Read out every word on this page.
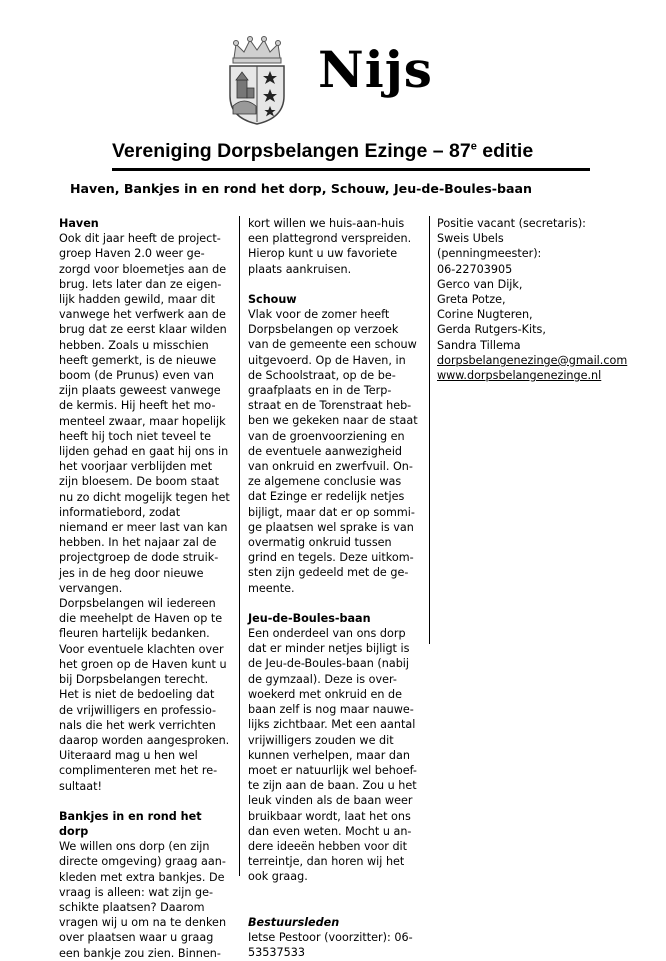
Nijs
Vereniging Dorpsbelangen Ezinge – 87e editie
Haven, Bankjes in en rond het dorp, Schouw, Jeu-de-Boules-baan

Haven

Ook dit jaar heeft de project-
groep Haven 2.0 weer ge-
zorgd voor bloemetjes aan de
brug. Iets later dan ze eigen-
lijk hadden gewild, maar dit
vanwege het verfwerk aan de
brug dat ze eerst klaar wilden
hebben. Zoals u misschien
heeft gemerkt, is de nieuwe
boom (de Prunus) even van
zijn plaats geweest vanwege
de kermis. Hij heeft het mo-
menteel zwaar, maar hopelijk
heeft hij toch niet teveel te
lijden gehad en gaat hij ons in
het voorjaar verblijden met
zijn bloesem. De boom staat
nu zo dicht mogelijk tegen het
informatiebord, zodat
niemand er meer last van kan
hebben. In het najaar zal de
projectgroep de dode struik-
jes in de heg door nieuwe
vervangen.
Dorpsbelangen wil iedereen
die meehelpt de Haven op te
fleuren hartelijk bedanken.
Voor eventuele klachten over
het groen op de Haven kunt u
bij Dorpsbelangen terecht.
Het is niet de bedoeling dat
de vrijwilligers en professio-
nals die het werk verrichten
daarop worden aangesproken.
Uiteraard mag u hen wel
complimenteren met het re-
sultaat!
Bankjes in en rond het
dorp
We willen ons dorp (en zijn
directe omgeving) graag aan-
kleden met extra bankjes. De
vraag is alleen: wat zijn ge-
schikte plaatsen? Daarom
vragen wij u om na te denken
over plaatsen waar u graag
een bankje zou zien. Binnen-
kort willen we huis-aan-huis
een plattegrond verspreiden.
Hierop kunt u uw favoriete
plaats aankruisen.

Schouw

Vlak voor de zomer heeft
Dorpsbelangen op verzoek
van de gemeente een schouw
uitgevoerd. Op de Haven, in
de Schoolstraat, op de be-
graafplaats en in de Terp-
straat en de Torenstraat heb-
ben we gekeken naar de staat
van de groenvoorziening en
de eventuele aanwezigheid
van onkruid en zwerfvuil. On-
ze algemene conclusie was
dat Ezinge er redelijk netjes
bijligt, maar dat er op sommi-
ge plaatsen wel sprake is van
overmatig onkruid tussen
grind en tegels. Deze uitkom-
sten zijn gedeeld met de ge-
meente.

Jeu-de-Boules-baan

Een onderdeel van ons dorp
dat er minder netjes bijligt is
de Jeu-de-Boules-baan (nabij
de gymzaal). Deze is over-
woekerd met onkruid en de
baan zelf is nog maar nauwe-
lijks zichtbaar. Met een aantal
vrijwilligers zouden we dit
kunnen verhelpen, maar dan
moet er natuurlijk wel behoef-
te zijn aan de baan. Zou u het
leuk vinden als de baan weer
bruikbaar wordt, laat het ons
dan even weten. Mocht u an-
dere ideeën hebben voor dit
terreintje, dan horen wij het
ook graag.

Bestuursleden

Ietse Pestoor (voorzitter): 06-
53537533
Positie vacant (secretaris):
Sweis Ubels (penningmeester):
06-22703905
Gerco van Dijk,
Greta Potze,
Corine Nugteren,
Gerda Rutgers-Kits,
Sandra Tillema

dorpsbelangenezinge@gmail.com

www.dorpsbelangenezinge.nl
